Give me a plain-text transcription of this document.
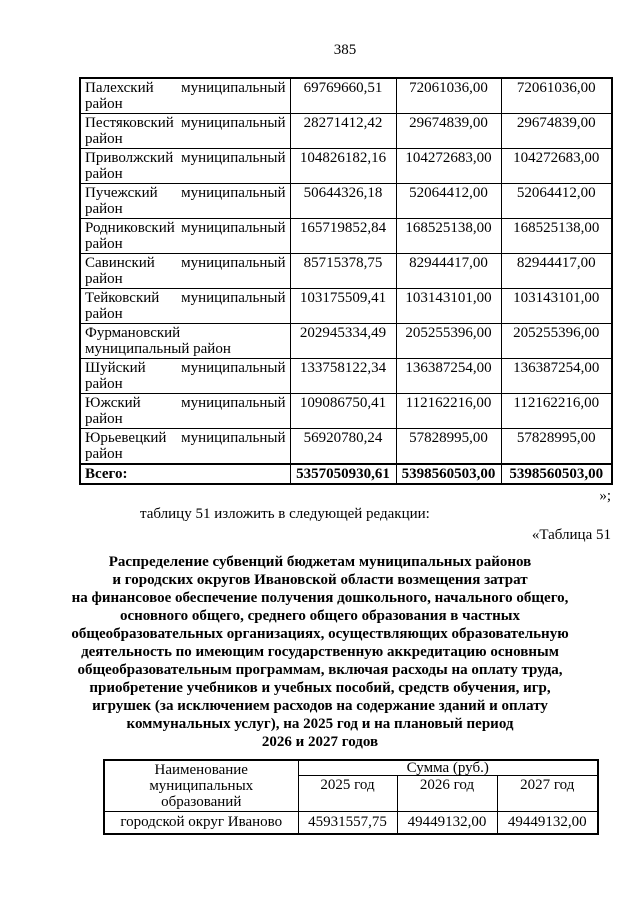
385
Палехский муниципальный район	69769660,51	72061036,00	72061036,00
Пестяковский муниципальный район	28271412,42	29674839,00	29674839,00
Приволжский муниципальный район	104826182,16	104272683,00	104272683,00
Пучежский муниципальный район	50644326,18	52064412,00	52064412,00
Родниковский муниципальный район	165719852,84	168525138,00	168525138,00
Савинский муниципальный район	85715378,75	82944417,00	82944417,00
Тейковский муниципальный район	103175509,41	103143101,00	103143101,00
Фурмановский муниципальный район	202945334,49	205255396,00	205255396,00
Шуйский муниципальный район	133758122,34	136387254,00	136387254,00
Южский муниципальный район	109086750,41	112162216,00	112162216,00
Юрьевецкий муниципальный район	56920780,24	57828995,00	57828995,00
Всего:	5357050930,61	5398560503,00	5398560503,00
»;
таблицу 51 изложить в следующей редакции:
«Таблица 51
Распределение субвенций бюджетам муниципальных районов
и городских округов Ивановской области возмещения затрат
на финансовое обеспечение получения дошкольного, начального общего,
основного общего, среднего общего образования в частных
общеобразовательных организациях, осуществляющих образовательную
деятельность по имеющим государственную аккредитацию основным
общеобразовательным программам, включая расходы на оплату труда,
приобретение учебников и учебных пособий, средств обучения, игр,
игрушек (за исключением расходов на содержание зданий и оплату
коммунальных услуг), на 2025 год и на плановый период
2026 и 2027 годов
Наименование муниципальных образований	Сумма (руб.)		
	2025 год	2026 год	2027 год
городской округ Иваново	45931557,75	49449132,00	49449132,00
